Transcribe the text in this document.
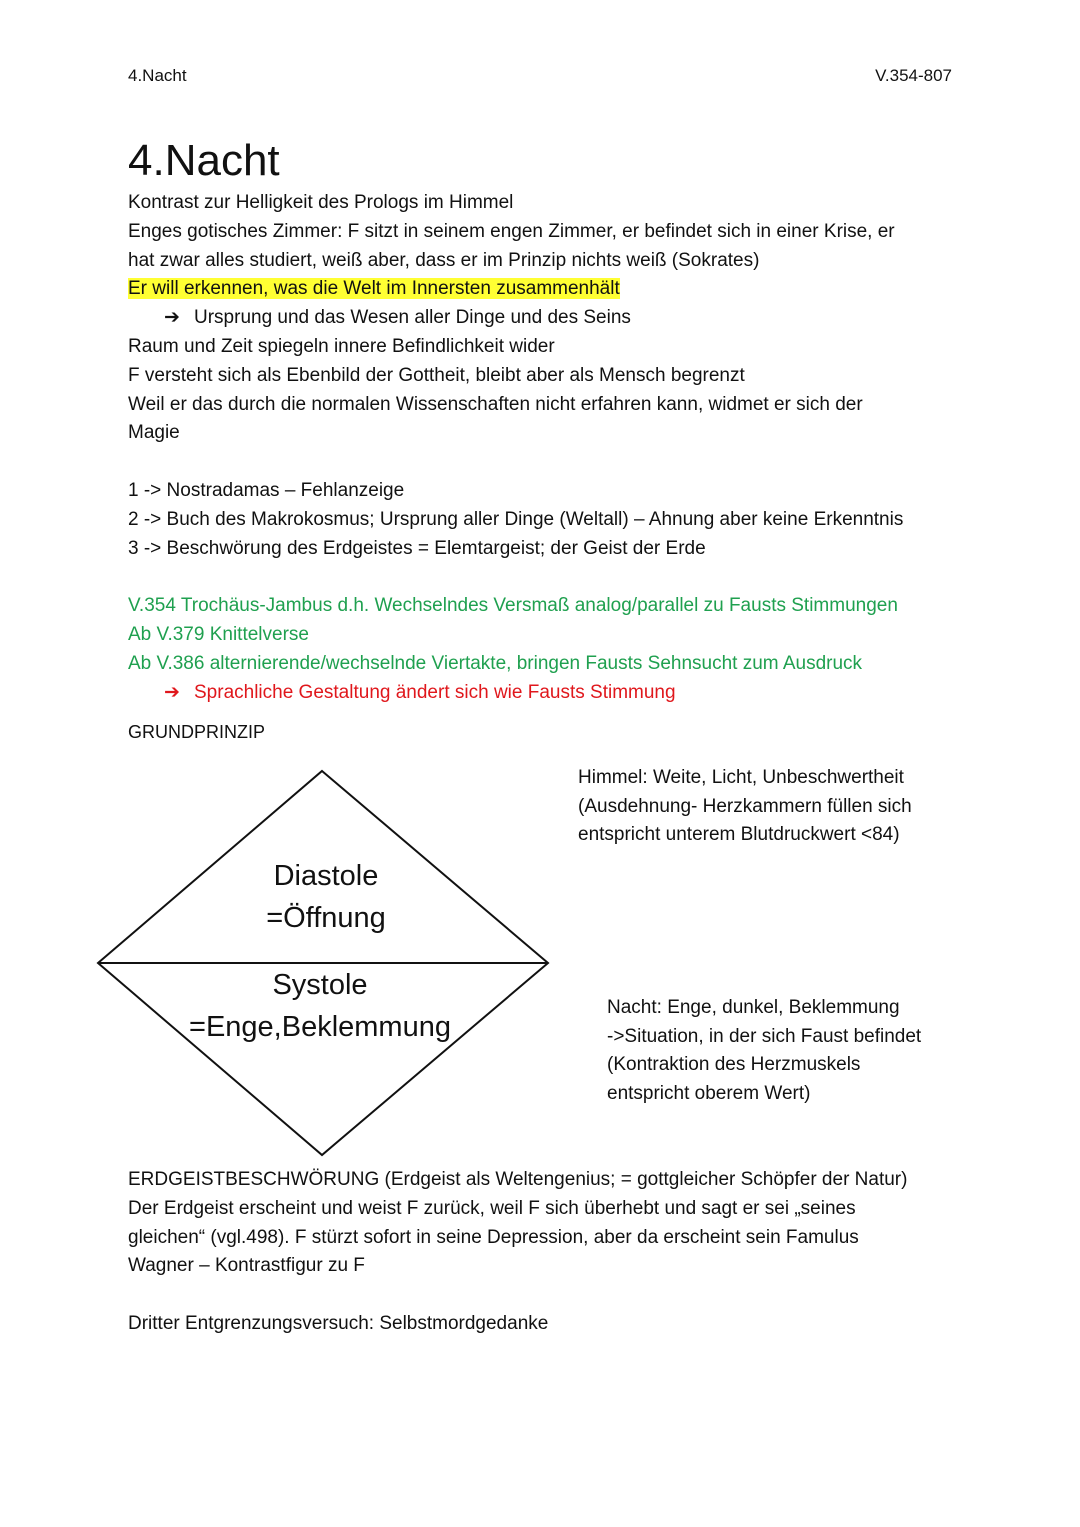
4.Nacht	V.354-807
4.Nacht
Kontrast zur Helligkeit des Prologs im Himmel
Enges gotisches Zimmer: F sitzt in seinem engen Zimmer, er befindet sich in einer Krise, er
hat zwar alles studiert, weiß aber, dass er im Prinzip nichts weiß (Sokrates)
Er will erkennen, was die Welt im Innersten zusammenhält
➔ Ursprung und das Wesen aller Dinge und des Seins
Raum und Zeit spiegeln innere Befindlichkeit wider
F versteht sich als Ebenbild der Gottheit, bleibt aber als Mensch begrenzt
Weil er das durch die normalen Wissenschaften nicht erfahren kann, widmet er sich der
Magie
1 -> Nostradamas – Fehlanzeige
2 -> Buch des Makrokosmus; Ursprung aller Dinge (Weltall) – Ahnung aber keine Erkenntnis
3 -> Beschwörung des Erdgeistes = Elemtargeist; der Geist der Erde
V.354 Trochäus-Jambus d.h. Wechselndes Versmaß analog/parallel zu Fausts Stimmungen
Ab V.379 Knittelverse
Ab V.386 alternierende/wechselnde Viertakte, bringen Fausts Sehnsucht zum Ausdruck
➔ Sprachliche Gestaltung ändert sich wie Fausts Stimmung
GRUNDPRINZIP
Diastole
=Öffnung
Systole
=Enge,Beklemmung
Himmel: Weite, Licht, Unbeschwertheit
(Ausdehnung- Herzkammern füllen sich
entspricht unterem Blutdruckwert <84)
Nacht: Enge, dunkel, Beklemmung
->Situation, in der sich Faust befindet
(Kontraktion des Herzmuskels
entspricht oberem Wert)
ERDGEISTBESCHWÖRUNG (Erdgeist als Weltengenius; = gottgleicher Schöpfer der Natur)
Der Erdgeist erscheint und weist F zurück, weil F sich überhebt und sagt er sei „seines
gleichen“ (vgl.498). F stürzt sofort in seine Depression, aber da erscheint sein Famulus
Wagner – Kontrastfigur zu F
Dritter Entgrenzungsversuch: Selbstmordgedanke
